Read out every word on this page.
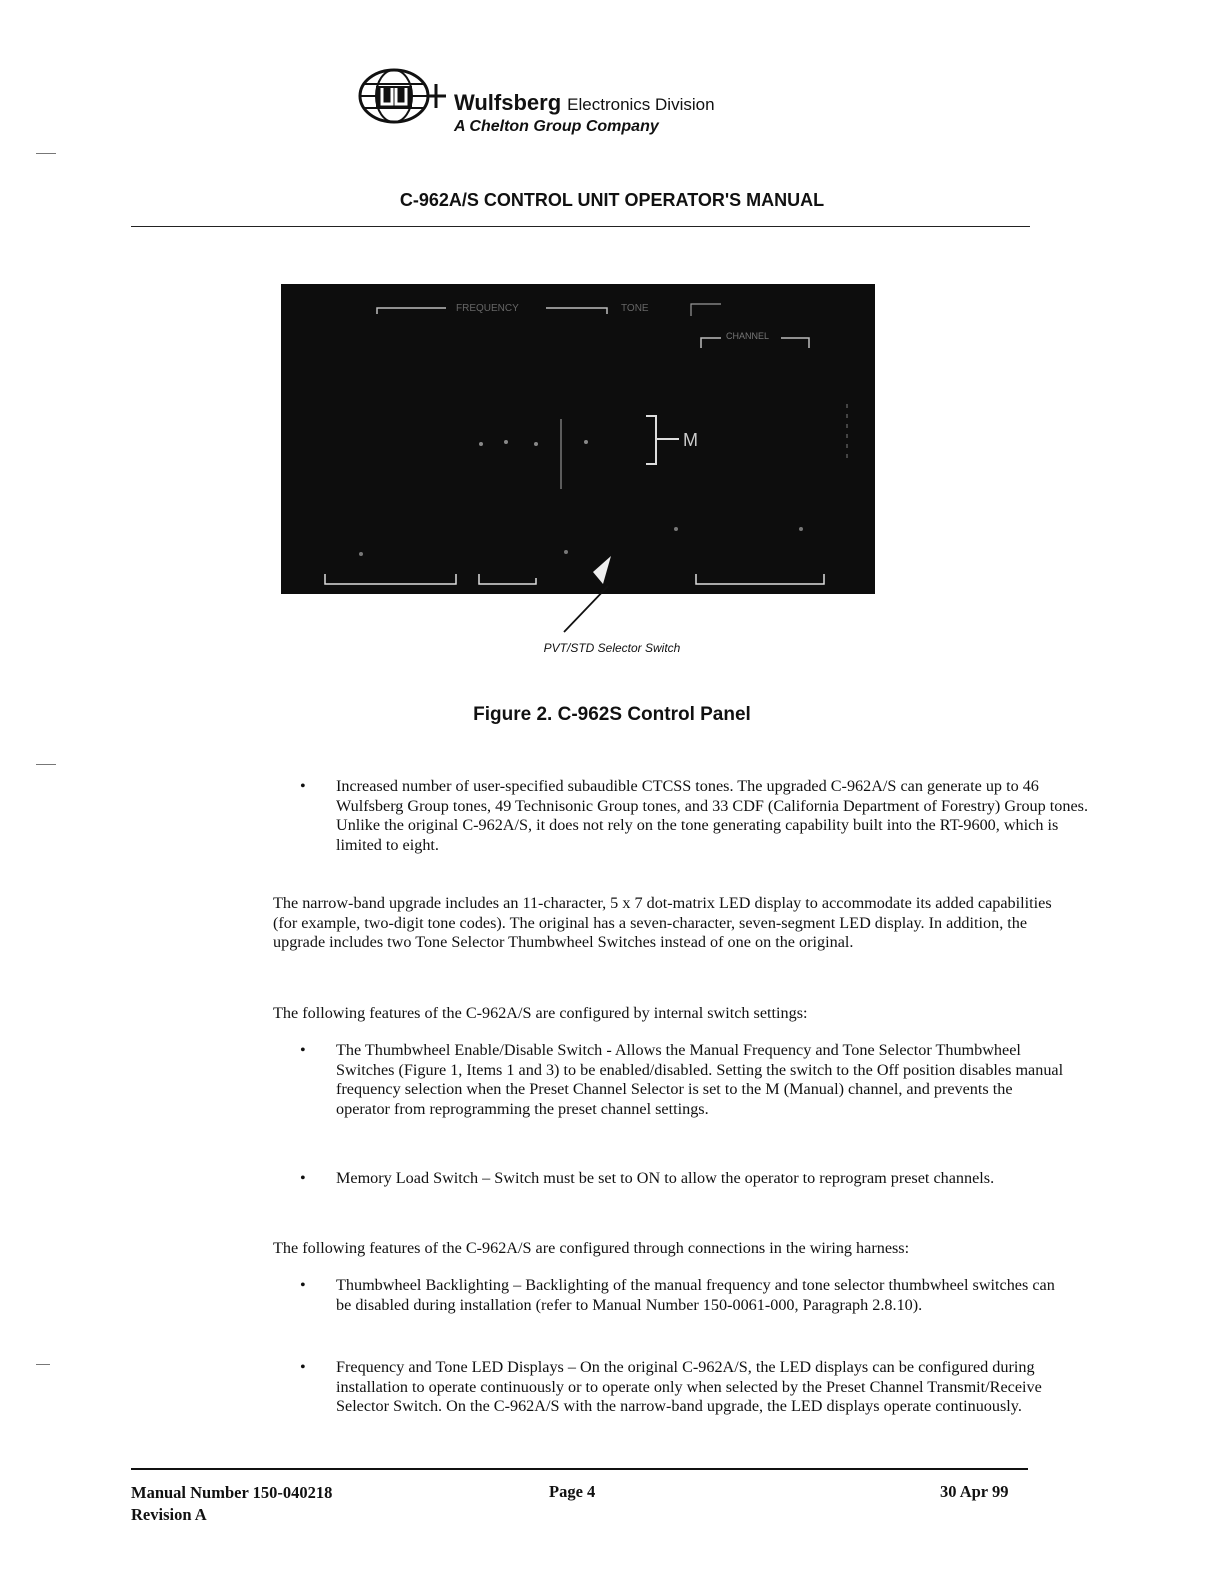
Wulfsberg Electronics Division
A Chelton Group Company
C-962A/S CONTROL UNIT OPERATOR'S MANUAL
FREQUENCY	TONE
CHANNEL
M
PVT/STD Selector Switch
Figure 2. C-962S Control Panel
•	Increased number of user-specified subaudible CTCSS tones. The upgraded C-962A/S can generate up to 46 Wulfsberg Group tones, 49 Technisonic Group tones, and 33 CDF (California Department of Forestry) Group tones. Unlike the original C-962A/S, it does not rely on the tone generating capability built into the RT-9600, which is limited to eight.
The narrow-band upgrade includes an 11-character, 5 x 7 dot-matrix LED display to accommodate its added capabilities (for example, two-digit tone codes). The original has a seven-character, seven-segment LED display. In addition, the upgrade includes two Tone Selector Thumbwheel Switches instead of one on the original.
The following features of the C-962A/S are configured by internal switch settings:
•	The Thumbwheel Enable/Disable Switch - Allows the Manual Frequency and Tone Selector Thumbwheel Switches (Figure 1, Items 1 and 3) to be enabled/disabled. Setting the switch to the Off position disables manual frequency selection when the Preset Channel Selector is set to the M (Manual) channel, and prevents the operator from reprogramming the preset channel settings.
•	Memory Load Switch – Switch must be set to ON to allow the operator to reprogram preset channels.
The following features of the C-962A/S are configured through connections in the wiring harness:
•	Thumbwheel Backlighting – Backlighting of the manual frequency and tone selector thumbwheel switches can be disabled during installation (refer to Manual Number 150-0061-000, Paragraph 2.8.10).
•	Frequency and Tone LED Displays – On the original C-962A/S, the LED displays can be configured during installation to operate continuously or to operate only when selected by the Preset Channel Transmit/Receive Selector Switch. On the C-962A/S with the narrow-band upgrade, the LED displays operate continuously.
Manual Number 150-040218
Revision A
Page 4	30 Apr 99
